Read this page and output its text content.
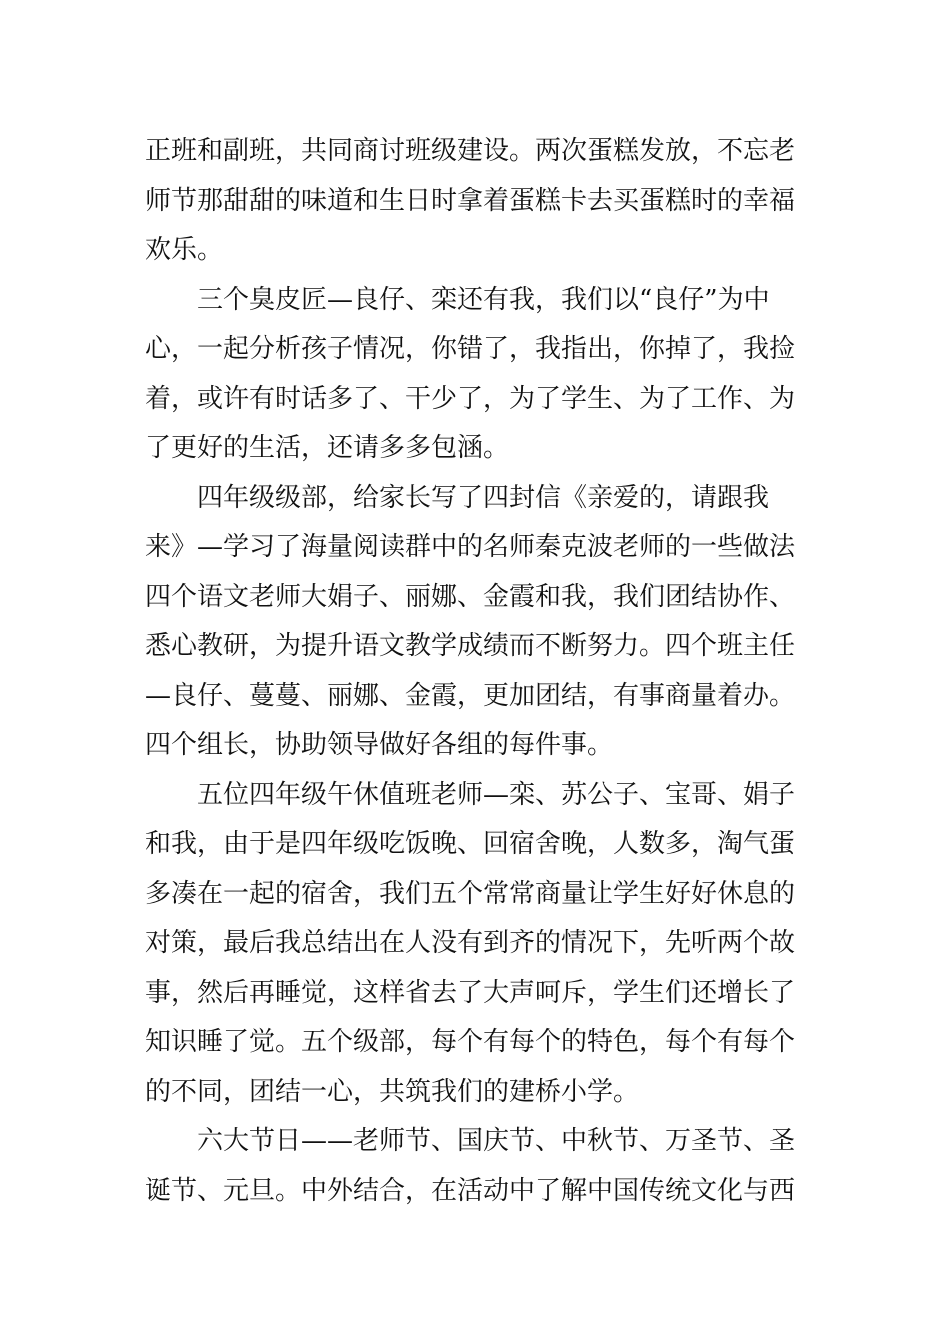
正班和副班，共同商讨班级建设。两次蛋糕发放，不忘老
师节那甜甜的味道和生日时拿着蛋糕卡去买蛋糕时的幸福
欢乐。
　　三个臭皮匠—良仔、栾还有我，我们以“良仔”为中
心，一起分析孩子情况，你错了，我指出，你掉了，我捡
着，或许有时话多了、干少了，为了学生、为了工作、为
了更好的生活，还请多多包涵。
　　四年级级部，给家长写了四封信《亲爱的，请跟我
来》—学习了海量阅读群中的名师秦克波老师的一些做法
四个语文老师大娟子、丽娜、金霞和我，我们团结协作、
悉心教研，为提升语文教学成绩而不断努力。四个班主任
—良仔、蔓蔓、丽娜、金霞，更加团结，有事商量着办。
四个组长，协助领导做好各组的每件事。
　　五位四年级午休值班老师—栾、苏公子、宝哥、娟子
和我，由于是四年级吃饭晚、回宿舍晚，人数多，淘气蛋
多凑在一起的宿舍，我们五个常常商量让学生好好休息的
对策，最后我总结出在人没有到齐的情况下，先听两个故
事，然后再睡觉，这样省去了大声呵斥，学生们还增长了
知识睡了觉。五个级部，每个有每个的特色，每个有每个
的不同，团结一心，共筑我们的建桥小学。
　　六大节日——老师节、国庆节、中秋节、万圣节、圣
诞节、元旦。中外结合，在活动中了解中国传统文化与西
